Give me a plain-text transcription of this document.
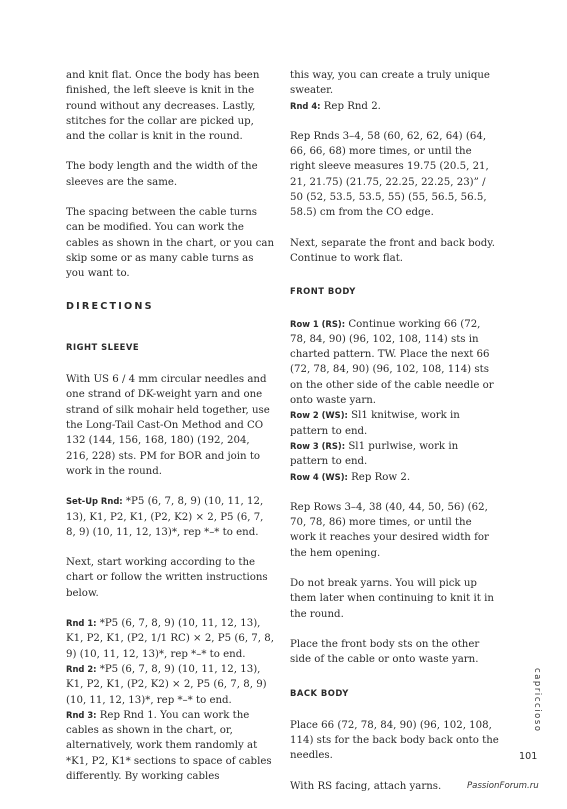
and knit flat. Once the body has been finished, the left sleeve is knit in the round without any decreases. Lastly, stitches for the collar are picked up, and the collar is knit in the round.

The body length and the width of the sleeves are the same.

The spacing between the cable turns can be modified. You can work the cables as shown in the chart, or you can skip some or as many cable turns as you want to.

DIRECTIONS
RIGHT SLEEVE

With US 6 / 4 mm circular needles and one strand of DK-weight yarn and one strand of silk mohair held together, use the Long-Tail Cast-On Method and CO 132 (144, 156, 168, 180) (192, 204, 216, 228) sts. PM for BOR and join to work in the round.

Set-Up Rnd: *P5 (6, 7, 8, 9) (10, 11, 12, 13), K1, P2, K1, (P2, K2) × 2, P5 (6, 7, 8, 9) (10, 11, 12, 13)*, rep *–* to end.

Next, start working according to the chart or follow the written instructions below.

Rnd 1: *P5 (6, 7, 8, 9) (10, 11, 12, 13), K1, P2, K1, (P2, 1/1 RC) × 2, P5 (6, 7, 8, 9) (10, 11, 12, 13)*, rep *–* to end.

Rnd 2: *P5 (6, 7, 8, 9) (10, 11, 12, 13), K1, P2, K1, (P2, K2) × 2, P5 (6, 7, 8, 9) (10, 11, 12, 13)*, rep *–* to end.

Rnd 3: Rep Rnd 1. You can work the cables as shown in the chart, or, alternatively, work them randomly at *K1, P2, K1* sections to space of cables differently. By working cables

this way, you can create a truly unique sweater.

Rnd 4: Rep Rnd 2.

Rep Rnds 3–4, 58 (60, 62, 62, 64) (64, 66, 66, 68) more times, or until the right sleeve measures 19.75 (20.5, 21, 21, 21.75) (21.75, 22.25, 22.25, 23)” / 50 (52, 53.5, 53.5, 55) (55, 56.5, 56.5, 58.5) cm from the CO edge.

Next, separate the front and back body. Continue to work flat.

FRONT BODY

Row 1 (RS): Continue working 66 (72, 78, 84, 90) (96, 102, 108, 114) sts in charted pattern. TW. Place the next 66 (72, 78, 84, 90) (96, 102, 108, 114) sts on the other side of the cable needle or onto waste yarn.

Row 2 (WS): Sl1 knitwise, work in pattern to end.

Row 3 (RS): Sl1 purlwise, work in pattern to end.

Row 4 (WS): Rep Row 2.

Rep Rows 3–4, 38 (40, 44, 50, 56) (62, 70, 78, 86) more times, or until the work it reaches your desired width for the hem opening.

Do not break yarns. You will pick up them later when continuing to knit it in the round.

Place the front body sts on the other side of the cable or onto waste yarn.

BACK BODY

Place 66 (72, 78, 84, 90) (96, 102, 108, 114) sts for the back body back onto the needles.

With RS facing, attach yarns.

capriccioso
101
PassionForum.ru
